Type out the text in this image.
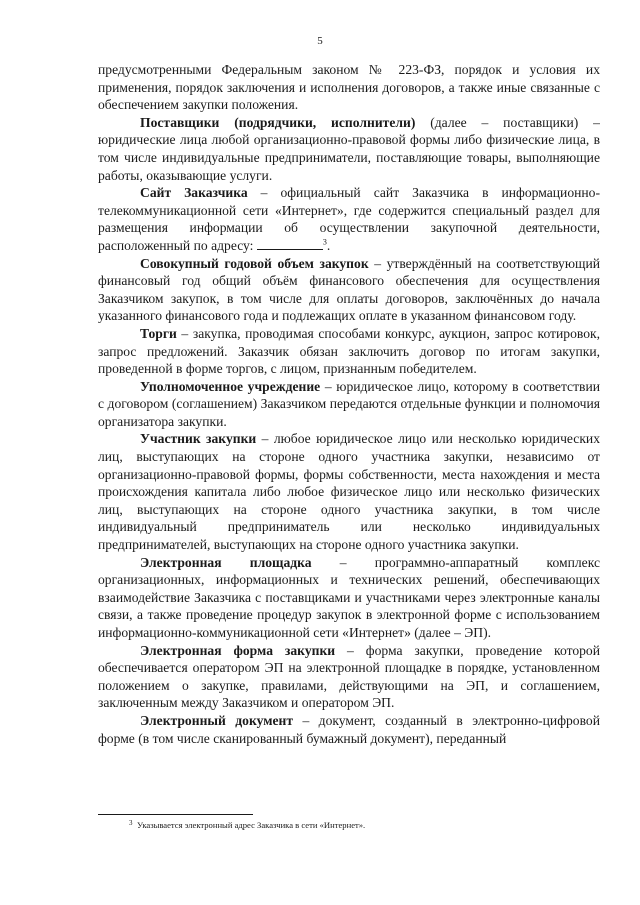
5

предусмотренными Федеральным законом № 223-ФЗ, порядок и условия их применения, порядок заключения и исполнения договоров, а также иные связанные с обеспечением закупки положения.

Поставщики (подрядчики, исполнители) (далее – поставщики) – юридические лица любой организационно-правовой формы либо физические лица, в том числе индивидуальные предприниматели, поставляющие товары, выполняющие работы, оказывающие услуги.

Сайт Заказчика – официальный сайт Заказчика в информационно-телекоммуникационной сети «Интернет», где содержится специальный раздел для размещения информации об осуществлении закупочной деятельности, расположенный по адресу:	$^3$.

Совокупный годовой объем закупок – утверждённый на соответствующий финансовый год общий объём финансового обеспечения для осуществления Заказчиком закупок, в том числе для оплаты договоров, заключённых до начала указанного финансового года и подлежащих оплате в указанном финансовом году.

Торги – закупка, проводимая способами конкурс, аукцион, запрос котировок, запрос предложений. Заказчик обязан заключить договор по итогам закупки, проведенной в форме торгов, с лицом, признанным победителем.

Уполномоченное учреждение – юридическое лицо, которому в соответствии с договором (соглашением) Заказчиком передаются отдельные функции и полномочия организатора закупки.

Участник закупки – любое юридическое лицо или несколько юридических лиц, выступающих на стороне одного участника закупки, независимо от организационно-правовой формы, формы собственности, места нахождения и места происхождения капитала либо любое физическое лицо или несколько физических лиц, выступающих на стороне одного участника закупки, в том числе индивидуальный предприниматель или несколько индивидуальных предпринимателей, выступающих на стороне одного участника закупки.

Электронная площадка – программно-аппаратный комплекс организационных, информационных и технических решений, обеспечивающих взаимодействие Заказчика с поставщиками и участниками через электронные каналы связи, а также проведение процедур закупок в электронной форме с использованием информационно-коммуникационной сети «Интернет» (далее – ЭП).

Электронная форма закупки – форма закупки, проведение которой обеспечивается оператором ЭП на электронной площадке в порядке, установленном положением о закупке, правилами, действующими на ЭП, и соглашением, заключенным между Заказчиком и оператором ЭП.

Электронный документ – документ, созданный в электронно-цифровой форме (в том числе сканированный бумажный документ), переданный

3 Указывается электронный адрес Заказчика в сети «Интернет».
